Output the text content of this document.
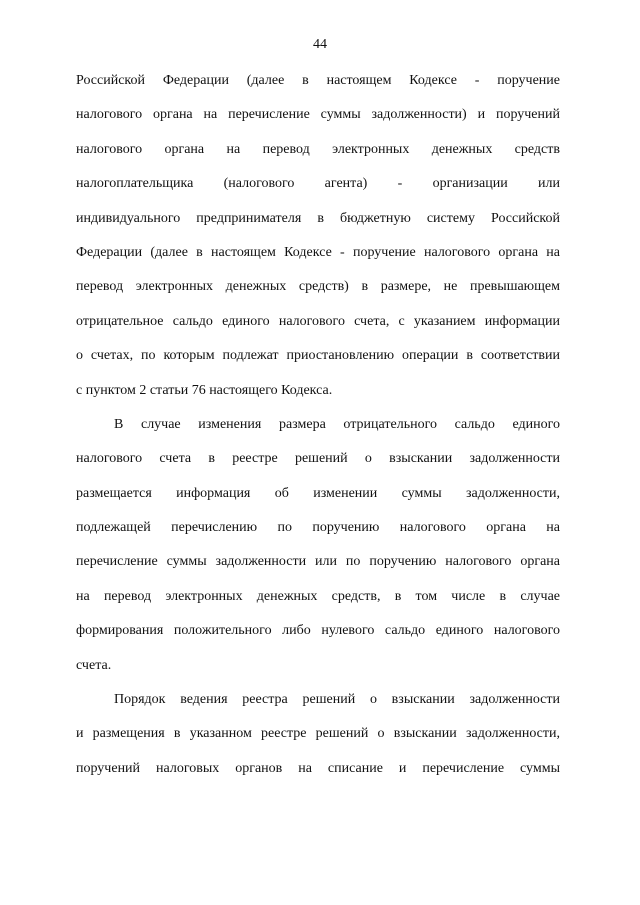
44
Российской Федерации (далее в настоящем Кодексе - поручение
налогового органа на перечисление суммы задолженности) и поручений
налогового органа на перевод электронных денежных средств
налогоплательщика (налогового агента) - организации или
индивидуального предпринимателя в бюджетную систему Российской
Федерации (далее в настоящем Кодексе - поручение налогового органа на
перевод электронных денежных средств) в размере, не превышающем
отрицательное сальдо единого налогового счета, с указанием информации
о счетах, по которым подлежат приостановлению операции в соответствии
с пунктом 2 статьи 76 настоящего Кодекса.
В случае изменения размера отрицательного сальдо единого
налогового счета в реестре решений о взыскании задолженности
размещается информация об изменении суммы задолженности,
подлежащей перечислению по поручению налогового органа на
перечисление суммы задолженности или по поручению налогового органа
на перевод электронных денежных средств, в том числе в случае
формирования положительного либо нулевого сальдо единого налогового
счета.
Порядок ведения реестра решений о взыскании задолженности
и размещения в указанном реестре решений о взыскании задолженности,
поручений налоговых органов на списание и перечисление суммы
